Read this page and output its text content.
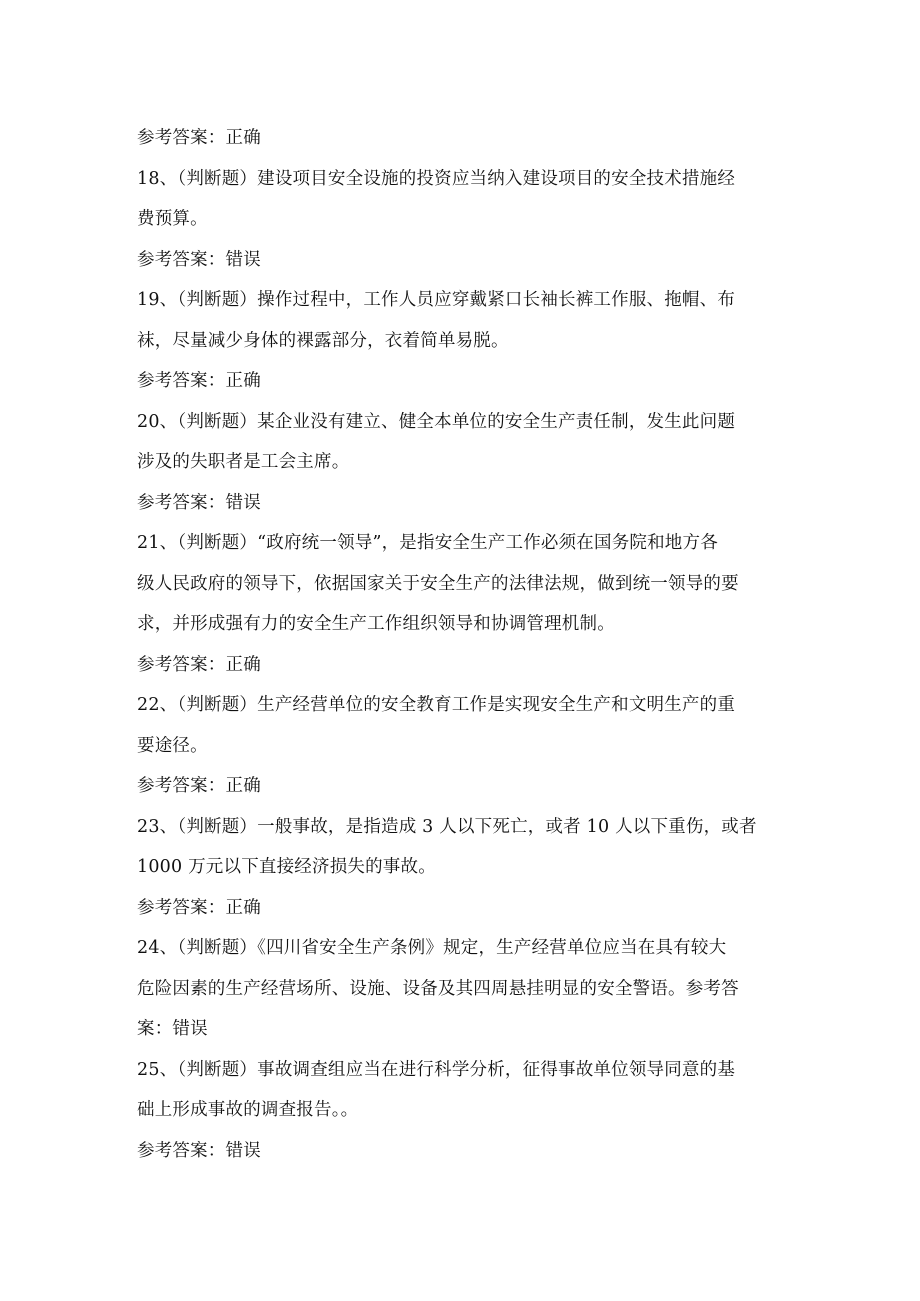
参考答案：正确
18、（判断题）建设项目安全设施的投资应当纳入建设项目的安全技术措施经
费预算。
参考答案：错误
19、（判断题）操作过程中，工作人员应穿戴紧口长袖长裤工作服、拖帽、布
袜，尽量减少身体的裸露部分，衣着简单易脱。
参考答案：正确
20、（判断题）某企业没有建立、健全本单位的安全生产责任制，发生此问题
涉及的失职者是工会主席。
参考答案：错误
21、（判断题）“政府统一领导”，是指安全生产工作必须在国务院和地方各
级人民政府的领导下，依据国家关于安全生产的法律法规，做到统一领导的要
求，并形成强有力的安全生产工作组织领导和协调管理机制。
参考答案：正确
22、（判断题）生产经营单位的安全教育工作是实现安全生产和文明生产的重
要途径。
参考答案：正确
23、（判断题）一般事故，是指造成 3 人以下死亡，或者 10 人以下重伤，或者
1000 万元以下直接经济损失的事故。
参考答案：正确
24、（判断题）《四川省安全生产条例》规定，生产经营单位应当在具有较大
危险因素的生产经营场所、设施、设备及其四周悬挂明显的安全警语。参考答
案：错误
25、（判断题）事故调查组应当在进行科学分析，征得事故单位领导同意的基
础上形成事故的调查报告。。
参考答案：错误
